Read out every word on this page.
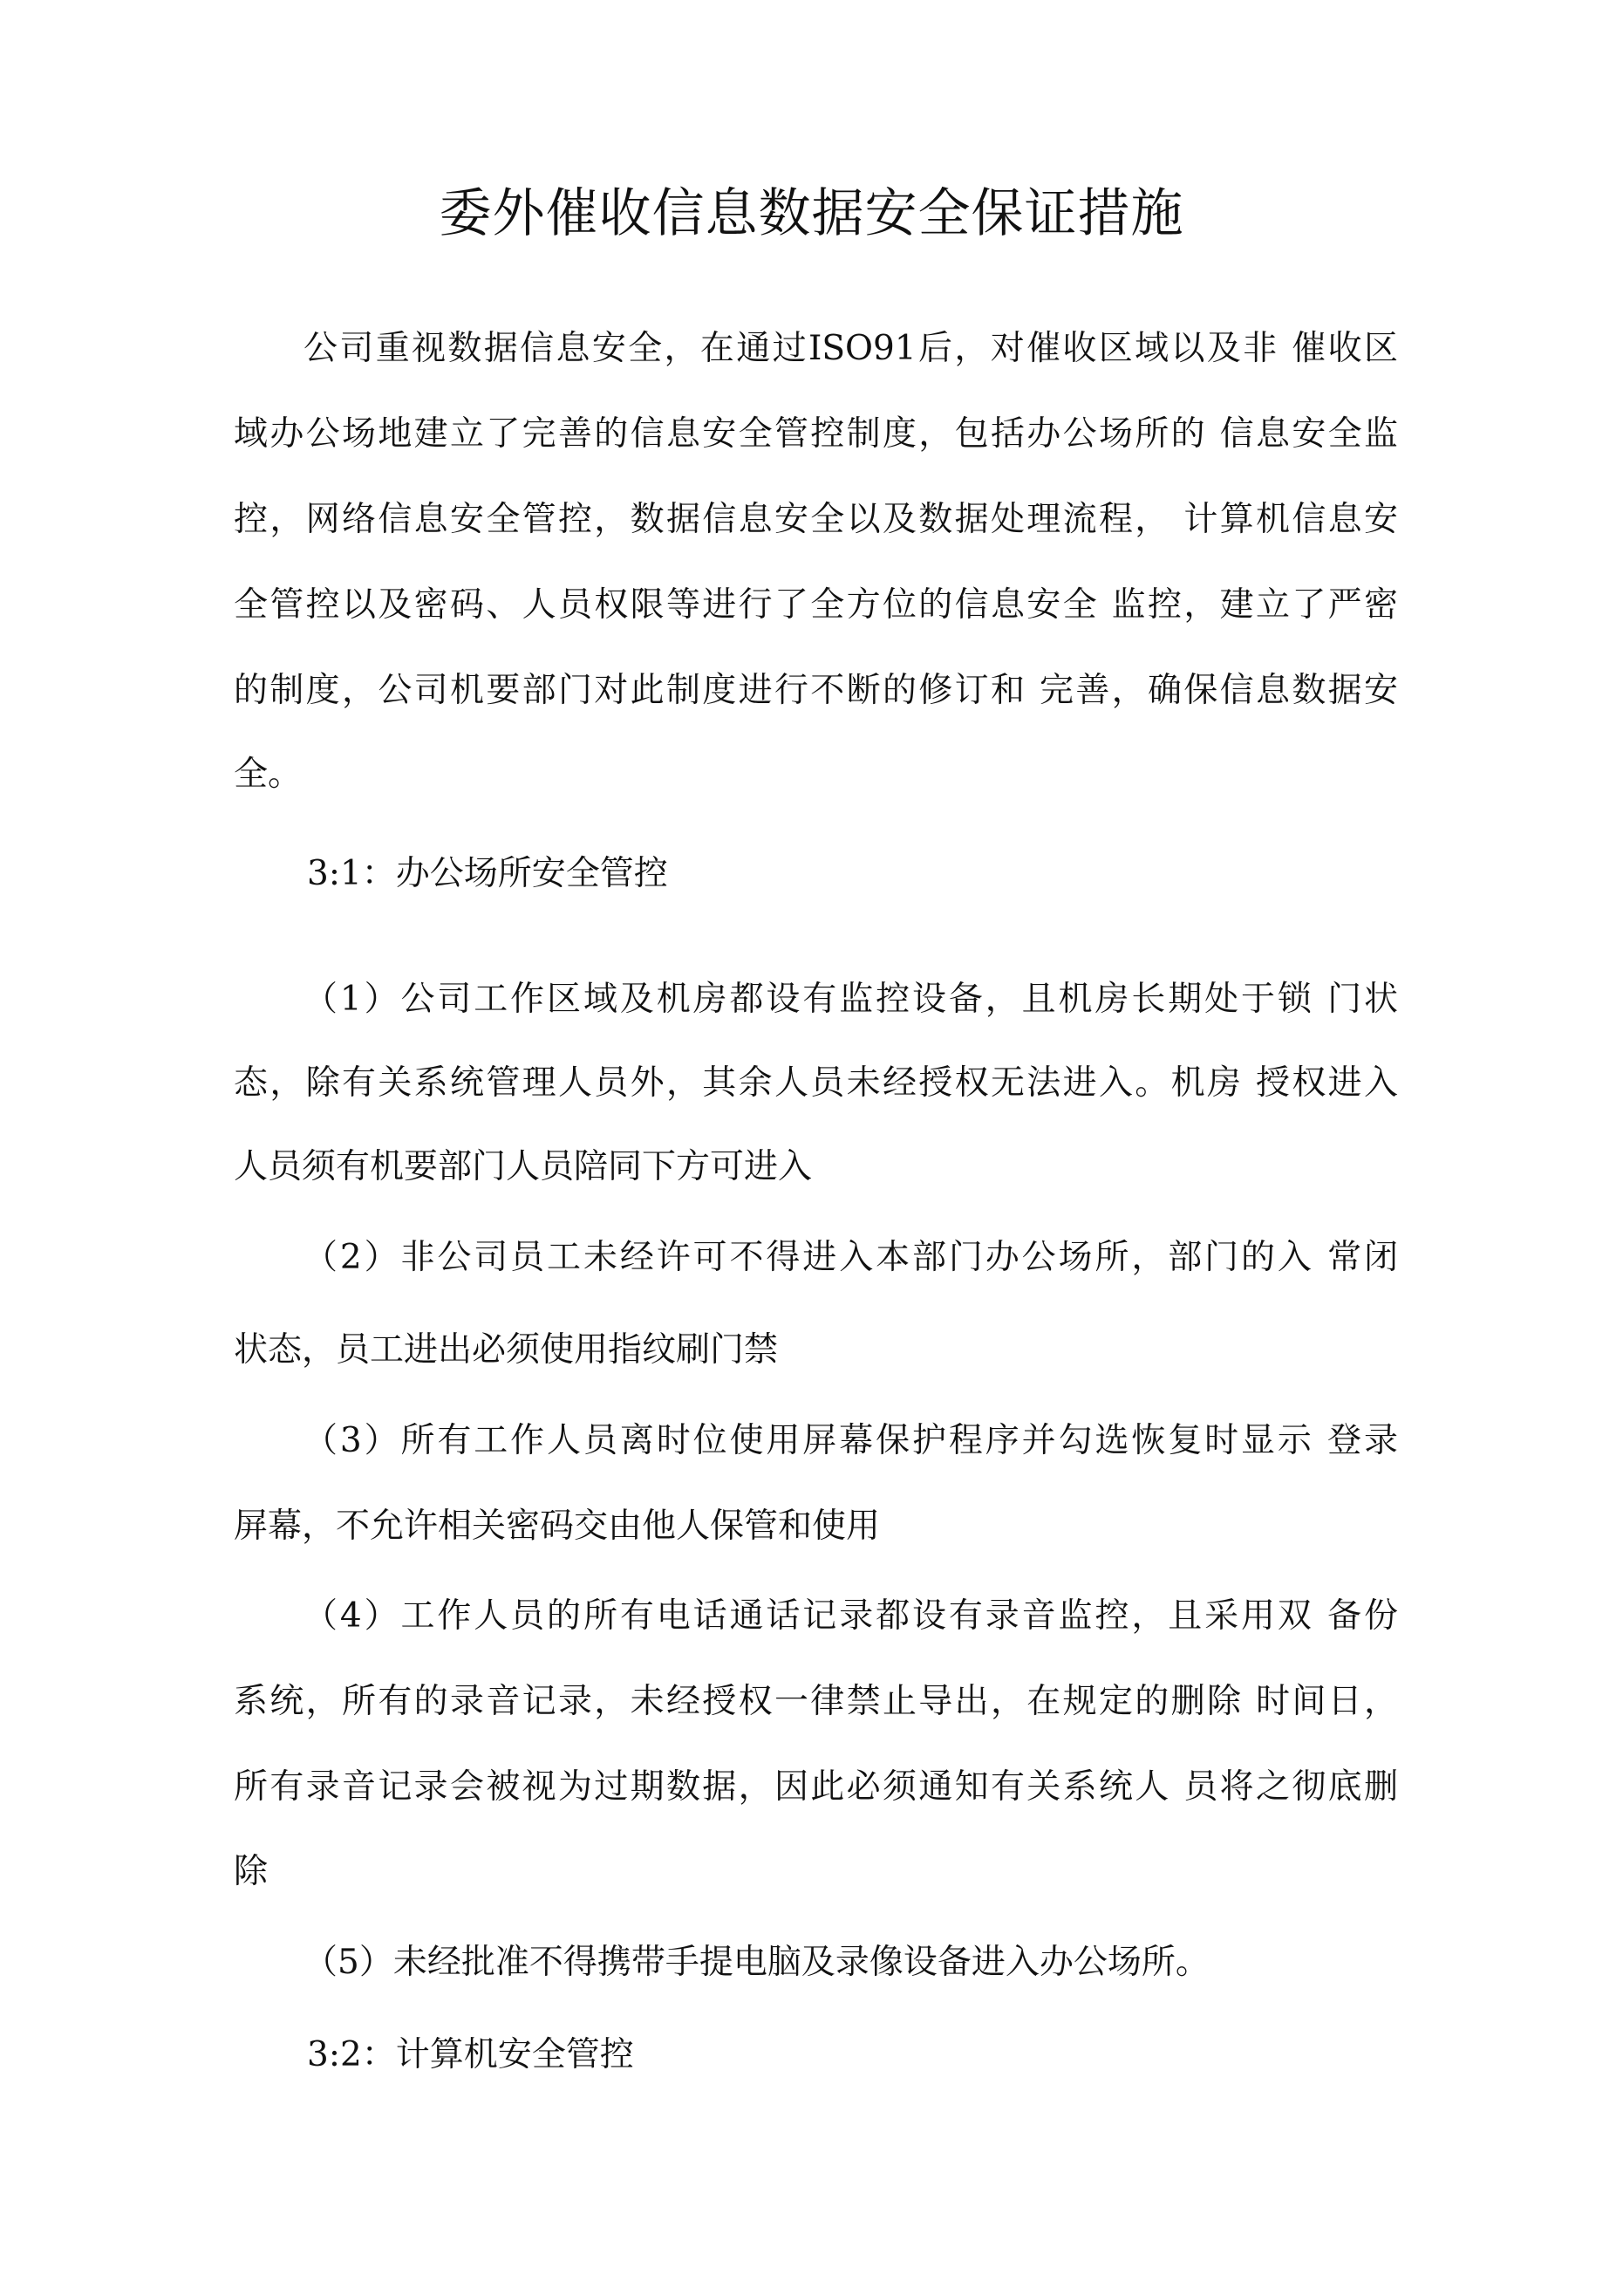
委外催收信息数据安全保证措施
公司重视数据信息安全，在通过ISO91后，对催收区域以及非 催收区
域办公场地建立了完善的信息安全管控制度，包括办公场所的 信息安全监
控，网络信息安全管控，数据信息安全以及数据处理流程， 计算机信息安
全管控以及密码、人员权限等进行了全方位的信息安全 监控，建立了严密
的制度，公司机要部门对此制度进行不断的修订和 完善，确保信息数据安
全。
3:1：办公场所安全管控
（1）公司工作区域及机房都设有监控设备，且机房长期处于锁 门状
态，除有关系统管理人员外，其余人员未经授权无法进入。机房 授权进入
人员须有机要部门人员陪同下方可进入
（2）非公司员工未经许可不得进入本部门办公场所，部门的入 常闭
状态，员工进出必须使用指纹刷门禁
（3）所有工作人员离时位使用屏幕保护程序并勾选恢复时显示 登录
屏幕，不允许相关密码交由他人保管和使用
（4）工作人员的所有电话通话记录都设有录音监控，且采用双 备份
系统，所有的录音记录，未经授权一律禁止导出，在规定的删除 时间日，
所有录音记录会被视为过期数据，因此必须通知有关系统人 员将之彻底删
除
（5）未经批准不得携带手提电脑及录像设备进入办公场所。
3:2：计算机安全管控
